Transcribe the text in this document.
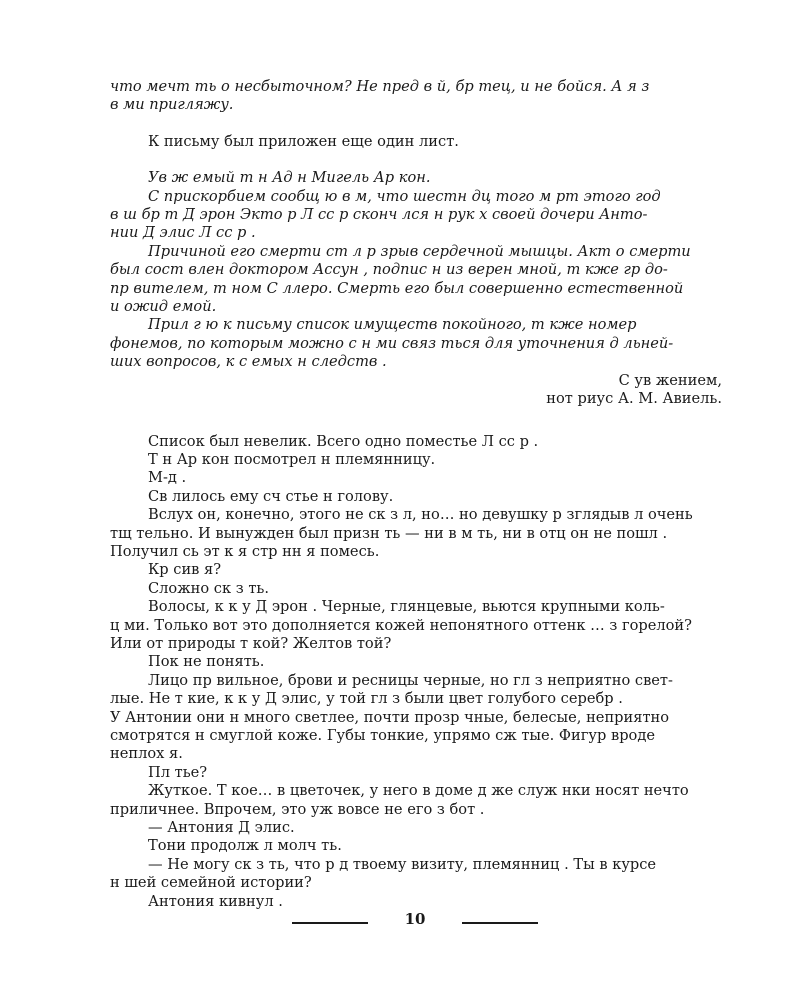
что мечт ть о несбыточном? Не пред в й, бр тец, и не бойся. А я з

в ми пригляжу.

К письму был приложен еще один лист.

Ув ж емый т н Ад н Мигель Ар кон.

С прискорбием сообщ ю в м, что шестн дц того м рт этого год

в ш бр т Д эрон Экто р Л сс р сконч лся н рук х своей дочери Анто-

нии Д элис Л сс р .

Причиной его смерти ст л р зрыв сердечной мышцы. Акт о смерти

был сост влен доктором Ассун , подпис н из верен мной, т кже гр до-

пр вителем, т ном С ллеро. Смерть его был совершенно естественной

и ожид емой.

Прил г ю к письму список имуществ покойного, т кже номер

фонемов, по которым можно с н ми связ ться для уточнения д льней-

ших вопросов, к с емых н следств .

С ув жением,

нот риус А. М. Авиель.

Список был невелик. Всего одно поместье Л сс р .

Т н Ар кон посмотрел н племянницу.

М-д .

Св лилось ему сч стье н голову.

Вслух он, конечно, этого не ск з л, но… но девушку р зглядыв л очень

тщ тельно. И вынужден был призн ть — ни в м ть, ни в отц он не пошл .

Получил сь эт к я стр нн я помесь.

Кр сив я?

Сложно ск з ть.

Волосы, к к у Д эрон . Черные, глянцевые, вьются крупными коль-

ц ми. Только вот это дополняется кожей непонятного оттенк … з горелой?

Или от природы т кой? Желтов той?

Пок не понять.

Лицо пр вильное, брови и ресницы черные, но гл з неприятно свет-

лые. Не т кие, к к у Д элис, у той гл з были цвет голубого серебр .

У Антонии они н много светлее, почти прозр чные, белесые, неприятно

смотрятся н смуглой коже. Губы тонкие, упрямо сж тые. Фигур вроде

неплох я.

Пл тье?

Жуткое. Т кое… в цветочек, у него в доме д же служ нки носят нечто

приличнее. Впрочем, это уж вовсе не его з бот .

— Антония Д элис.

Тони продолж л молч ть.

— Не могу ск з ть, что р д твоему визиту, племянниц . Ты в курсе

н шей семейной истории?

Антония кивнул .

10
